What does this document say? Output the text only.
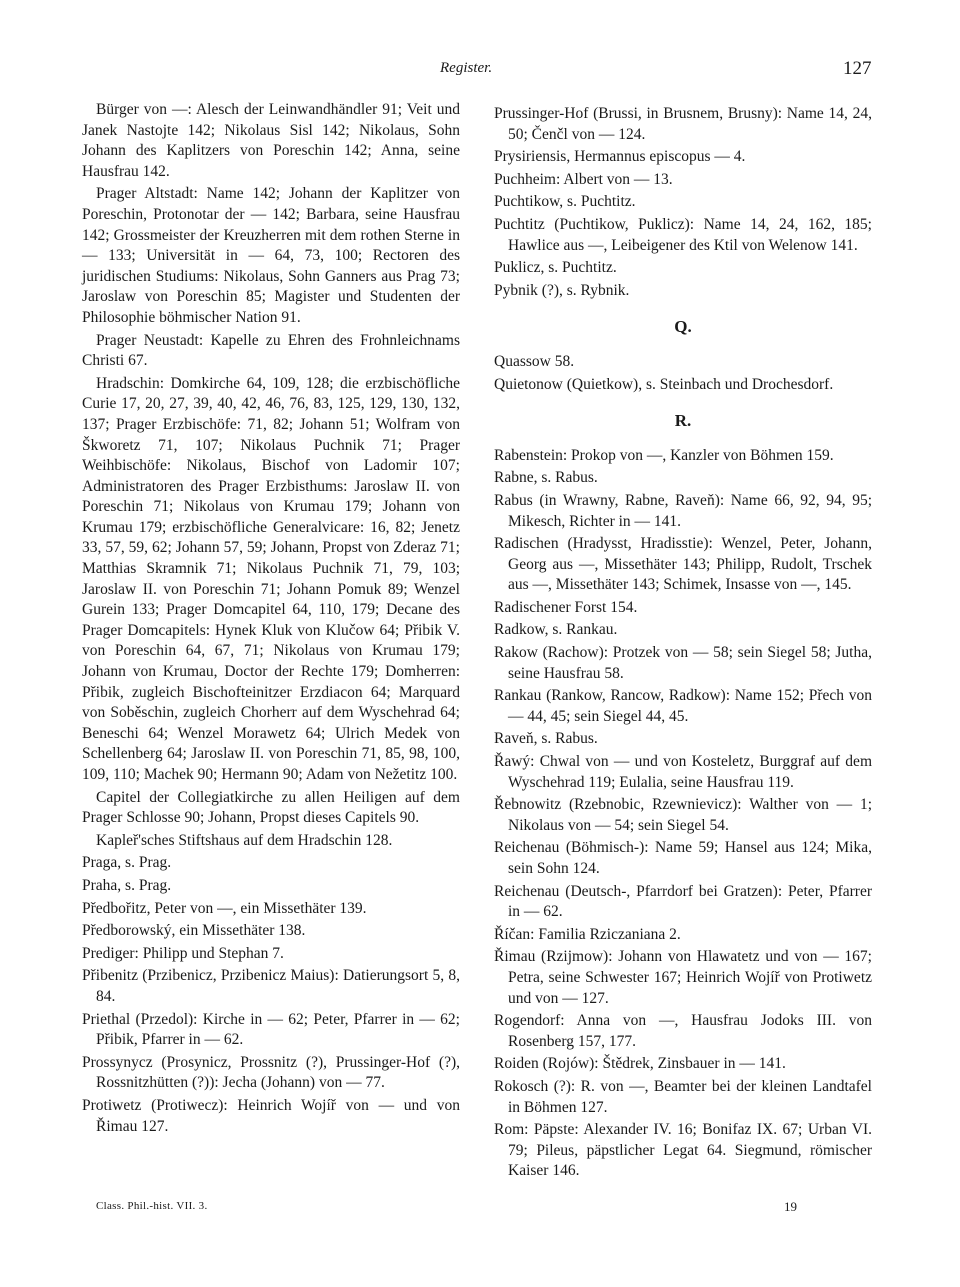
Register.	127

Bürger von —: Alesch der Leinwandhändler 91; Veit und Janek Nastojte 142; Nikolaus Sisl 142; Nikolaus, Sohn Johann des Kaplitzers von Poreschin 142; Anna, seine Hausfrau 142.

Prager Altstadt: Name 142; Johann der Kaplitzer von Poreschin, Protonotar der — 142; Barbara, seine Hausfrau 142; Grossmeister der Kreuzherren mit dem rothen Sterne in — 133; Universität in — 64, 73, 100; Rectoren des juridischen Studiums: Nikolaus, Sohn Ganners aus Prag 73; Jaroslaw von Poreschin 85; Magister und Studenten der Philosophie böhmischer Nation 91.

Prager Neustadt: Kapelle zu Ehren des Frohnleichnams Christi 67.

Hradschin: Domkirche 64, 109, 128; die erzbischöfliche Curie 17, 20, 27, 39, 40, 42, 46, 76, 83, 125, 129, 130, 132, 137; Prager Erzbischöfe: 71, 82; Johann 51; Wolfram von Škworetz 71, 107; Nikolaus Puchnik 71; Prager Weihbischöfe: Nikolaus, Bischof von Ladomir 107; Administratoren des Prager Erzbisthums: Jaroslaw II. von Poreschin 71; Nikolaus von Krumau 179; Johann von Krumau 179; erzbischöfliche Generalvicare: 16, 82; Jenetz 33, 57, 59, 62; Johann 57, 59; Johann, Propst von Zderaz 71; Matthias Skramnik 71; Nikolaus Puchnik 71, 79, 103; Jaroslaw II. von Poreschin 71; Johann Pomuk 89; Wenzel Gurein 133; Prager Domcapitel 64, 110, 179; Decane des Prager Domcapitels: Hynek Kluk von Klučow 64; Přibik V. von Poreschin 64, 67, 71; Nikolaus von Krumau 179; Johann von Krumau, Doctor der Rechte 179; Domherren: Přibik, zugleich Bischofteinitzer Erzdiacon 64; Marquard von Soběschin, zugleich Chorherr auf dem Wyschehrad 64; Beneschi 64; Wenzel Morawetz 64; Ulrich Medek von Schellenberg 64; Jaroslaw II. von Poreschin 71, 85, 98, 100, 109, 110; Machek 90; Hermann 90; Adam von Nežetitz 100.

Capitel der Collegiatkirche zu allen Heiligen auf dem Prager Schlosse 90; Johann, Propst dieses Capitels 90.

Kapleř'sches Stiftshaus auf dem Hradschin 128.

Praga, s. Prag.

Praha, s. Prag.

Předbořitz, Peter von —, ein Missethäter 139.

Předborowský, ein Missethäter 138.

Prediger: Philipp und Stephan 7.

Přibenitz (Przibenicz, Przibenicz Maius): Datierungsort 5, 8, 84.

Priethal (Przedol): Kirche in — 62; Peter, Pfarrer in — 62; Přibik, Pfarrer in — 62.

Prossynycz (Prosynicz, Prossnitz (?), Prussinger-Hof (?), Rossnitzhütten (?)): Jecha (Johann) von — 77.

Protiwetz (Protiwecz): Heinrich Wojíř von — und von Řimau 127.

Prussinger-Hof (Brussi, in Brusnem, Brusny): Name 14, 24, 50; Čenčl von — 124.

Prysiriensis, Hermannus episcopus — 4.

Puchheim: Albert von — 13.

Puchtikow, s. Puchtitz.

Puchtitz (Puchtikow, Puklicz): Name 14, 24, 162, 185; Hawlice aus —, Leibeigener des Ktil von Welenow 141.

Puklicz, s. Puchtitz.

Pybnik (?), s. Rybnik.

Q.

Quassow 58.

Quietonow (Quietkow), s. Steinbach und Drochesdorf.

R.

Rabenstein: Prokop von —, Kanzler von Böhmen 159.

Rabne, s. Rabus.

Rabus (in Wrawny, Rabne, Raveň): Name 66, 92, 94, 95; Mikesch, Richter in — 141.

Radischen (Hradysst, Hradisstie): Wenzel, Peter, Johann, Georg aus —, Missethäter 143; Philipp, Rudolt, Trschek aus —, Missethäter 143; Schimek, Insasse von —, 145.

Radischener Forst 154.

Radkow, s. Rankau.

Rakow (Rachow): Protzek von — 58; sein Siegel 58; Jutha, seine Hausfrau 58.

Rankau (Rankow, Rancow, Radkow): Name 152; Přech von — 44, 45; sein Siegel 44, 45.

Raveň, s. Rabus.

Řawý: Chwal von — und von Kosteletz, Burggraf auf dem Wyschehrad 119; Eulalia, seine Hausfrau 119.

Řebnowitz (Rzebnobic, Rzewnievicz): Walther von — 1; Nikolaus von — 54; sein Siegel 54.

Reichenau (Böhmisch-): Name 59; Hansel aus 124; Mika, sein Sohn 124.

Reichenau (Deutsch-, Pfarrdorf bei Gratzen): Peter, Pfarrer in — 62.

Říčan: Familia Rziczaniana 2.

Řimau (Rzijmow): Johann von Hlawatetz und von — 167; Petra, seine Schwester 167; Heinrich Wojíř von Protiwetz und von — 127.

Rogendorf: Anna von —, Hausfrau Jodoks III. von Rosenberg 157, 177.

Roiden (Rojów): Štědrek, Zinsbauer in — 141.

Rokosch (?): R. von —, Beamter bei der kleinen Landtafel in Böhmen 127.

Rom: Päpste: Alexander IV. 16; Bonifaz IX. 67; Urban VI. 79; Pileus, päpstlicher Legat 64. Siegmund, römischer Kaiser 146.

Class. Phil.-hist. VII. 3.	19
